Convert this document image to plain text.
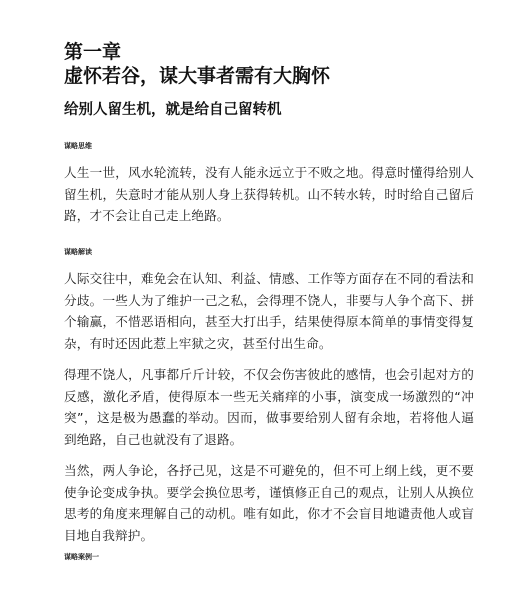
第一章
虚怀若谷，谋大事者需有大胸怀
给别人留生机，就是给自己留转机
谋略思维

人生一世，风水轮流转，没有人能永远立于不败之地。得意时懂得给别人留生机，失意时才能从别人身上获得转机。山不转水转，时时给自己留后路，才不会让自己走上绝路。

谋略解读

人际交往中，难免会在认知、利益、情感、工作等方面存在不同的看法和分歧。一些人为了维护一己之私，会得理不饶人，非要与人争个高下、拼个输赢，不惜恶语相向，甚至大打出手，结果使得原本简单的事情变得复杂，有时还因此惹上牢狱之灾，甚至付出生命。

得理不饶人，凡事都斤斤计较，不仅会伤害彼此的感情，也会引起对方的反感，激化矛盾，使得原本一些无关痛痒的小事，演变成一场激烈的“冲突”，这是极为愚蠢的举动。因而，做事要给别人留有余地，若将他人逼到绝路，自己也就没有了退路。

当然，两人争论，各抒己见，这是不可避免的，但不可上纲上线，更不要使争论变成争执。要学会换位思考，谨慎修正自己的观点，让别人从换位思考的角度来理解自己的动机。唯有如此，你才不会盲目地谴责他人或盲目地自我辩护。

谋略案例一
